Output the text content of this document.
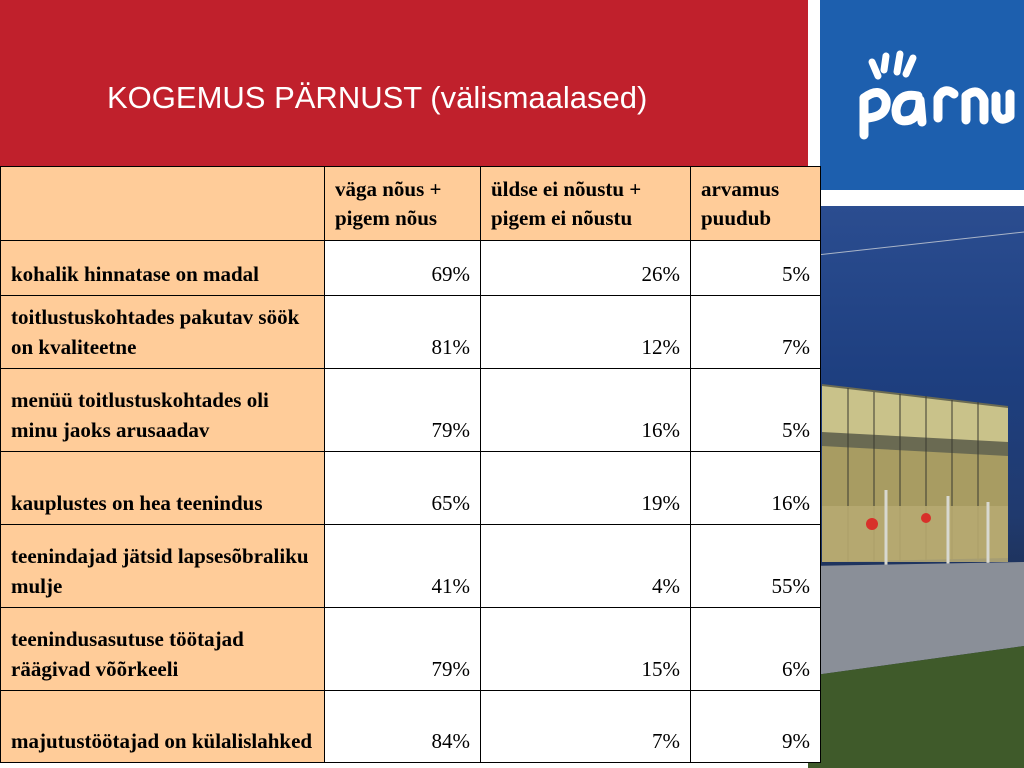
KOGEMUS PÄRNUST (välismaalased)
	väga nõus + pigem nõus	üldse ei nõustu + pigem ei nõustu	arvamus puudub
kohalik hinnatase on madal	69%	26%	5%
toitlustuskohtades pakutav söök on kvaliteetne	81%	12%	7%
menüü toitlustuskohtades oli minu jaoks arusaadav	79%	16%	5%
kauplustes on hea teenindus	65%	19%	16%
teenindajad jätsid lapsesõbraliku mulje	41%	4%	55%
teenindusasutuse töötajad räägivad võõrkeeli	79%	15%	6%
majutustöötajad on külalislahked	84%	7%	9%
